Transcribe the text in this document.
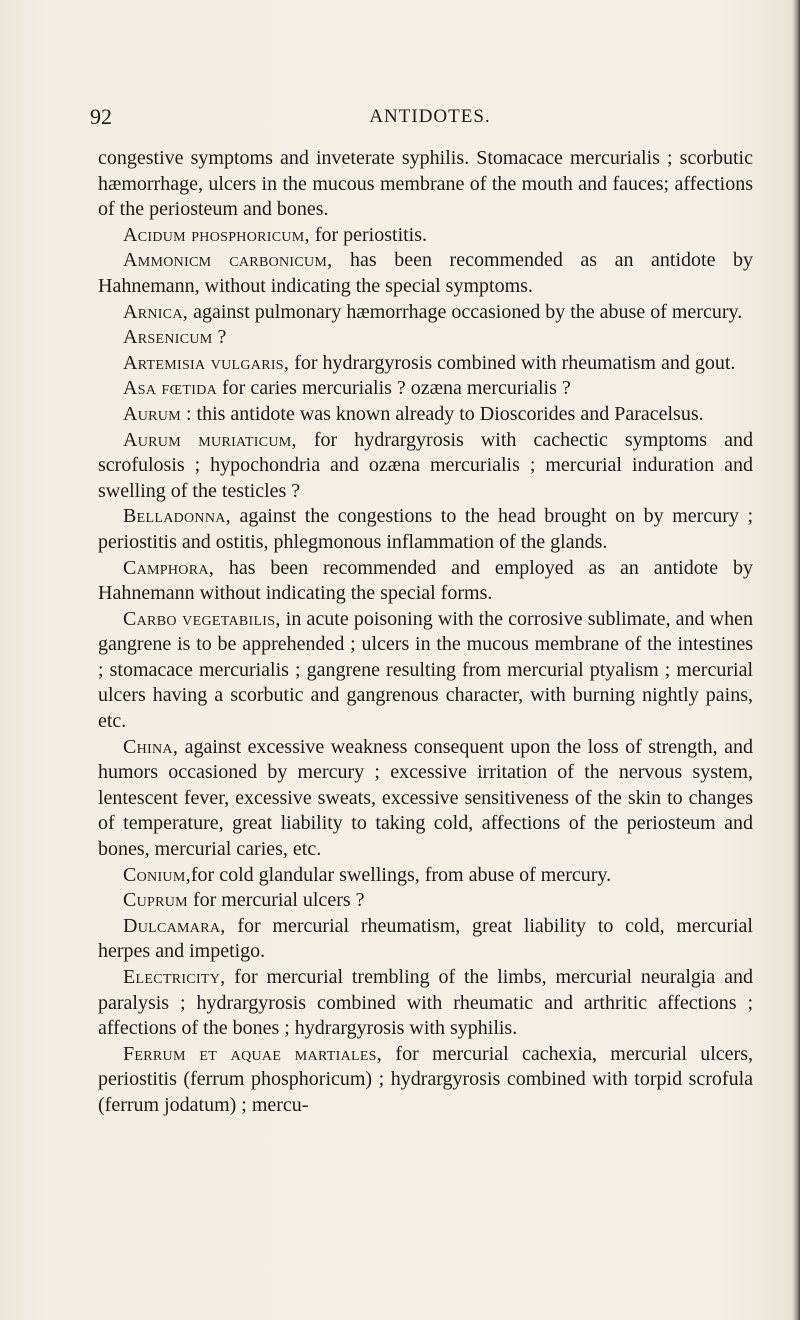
92	ANTIDOTES.

congestive symptoms and inveterate syphilis. Stomacace mercurialis ; scorbutic hæmorrhage, ulcers in the mucous membrane of the mouth and fauces; affections of the periosteum and bones.

Acidum phosphoricum, for periostitis.

Ammonicm carbonicum, has been recommended as an antidote by Hahnemann, without indicating the special symptoms.

Arnica, against pulmonary hæmorrhage occasioned by the abuse of mercury.

Arsenicum ?

Artemisia vulgaris, for hydrargyrosis combined with rheumatism and gout.

Asa fœtida for caries mercurialis ? ozæna mercurialis ?

Aurum : this antidote was known already to Dioscorides and Paracelsus.

Aurum muriaticum, for hydrargyrosis with cachectic symptoms and scrofulosis ; hypochondria and ozæna mercurialis ; mercurial induration and swelling of the testicles ?

Belladonna, against the congestions to the head brought on by mercury ; periostitis and ostitis, phlegmonous inflammation of the glands.

Camphora, has been recommended and employed as an antidote by Hahnemann without indicating the special forms.

Carbo vegetabilis, in acute poisoning with the corrosive sublimate, and when gangrene is to be apprehended ; ulcers in the mucous membrane of the intestines ; stomacace mercurialis ; gangrene resulting from mercurial ptyalism ; mercurial ulcers having a scorbutic and gangrenous character, with burning nightly pains, etc.

China, against excessive weakness consequent upon the loss of strength, and humors occasioned by mercury ; excessive irritation of the nervous system, lentescent fever, excessive sweats, excessive sensitiveness of the skin to changes of temperature, great liability to taking cold, affections of the periosteum and bones, mercurial caries, etc.

Conium,for cold glandular swellings, from abuse of mercury.

Cuprum for mercurial ulcers ?

Dulcamara, for mercurial rheumatism, great liability to cold, mercurial herpes and impetigo.

Electricity, for mercurial trembling of the limbs, mercurial neuralgia and paralysis ; hydrargyrosis combined with rheumatic and arthritic affections ; affections of the bones ; hydrargyrosis with syphilis.

Ferrum et aquae martiales, for mercurial cachexia, mercurial ulcers, periostitis (ferrum phosphoricum) ; hydrargyrosis combined with torpid scrofula (ferrum jodatum) ; mercu-
